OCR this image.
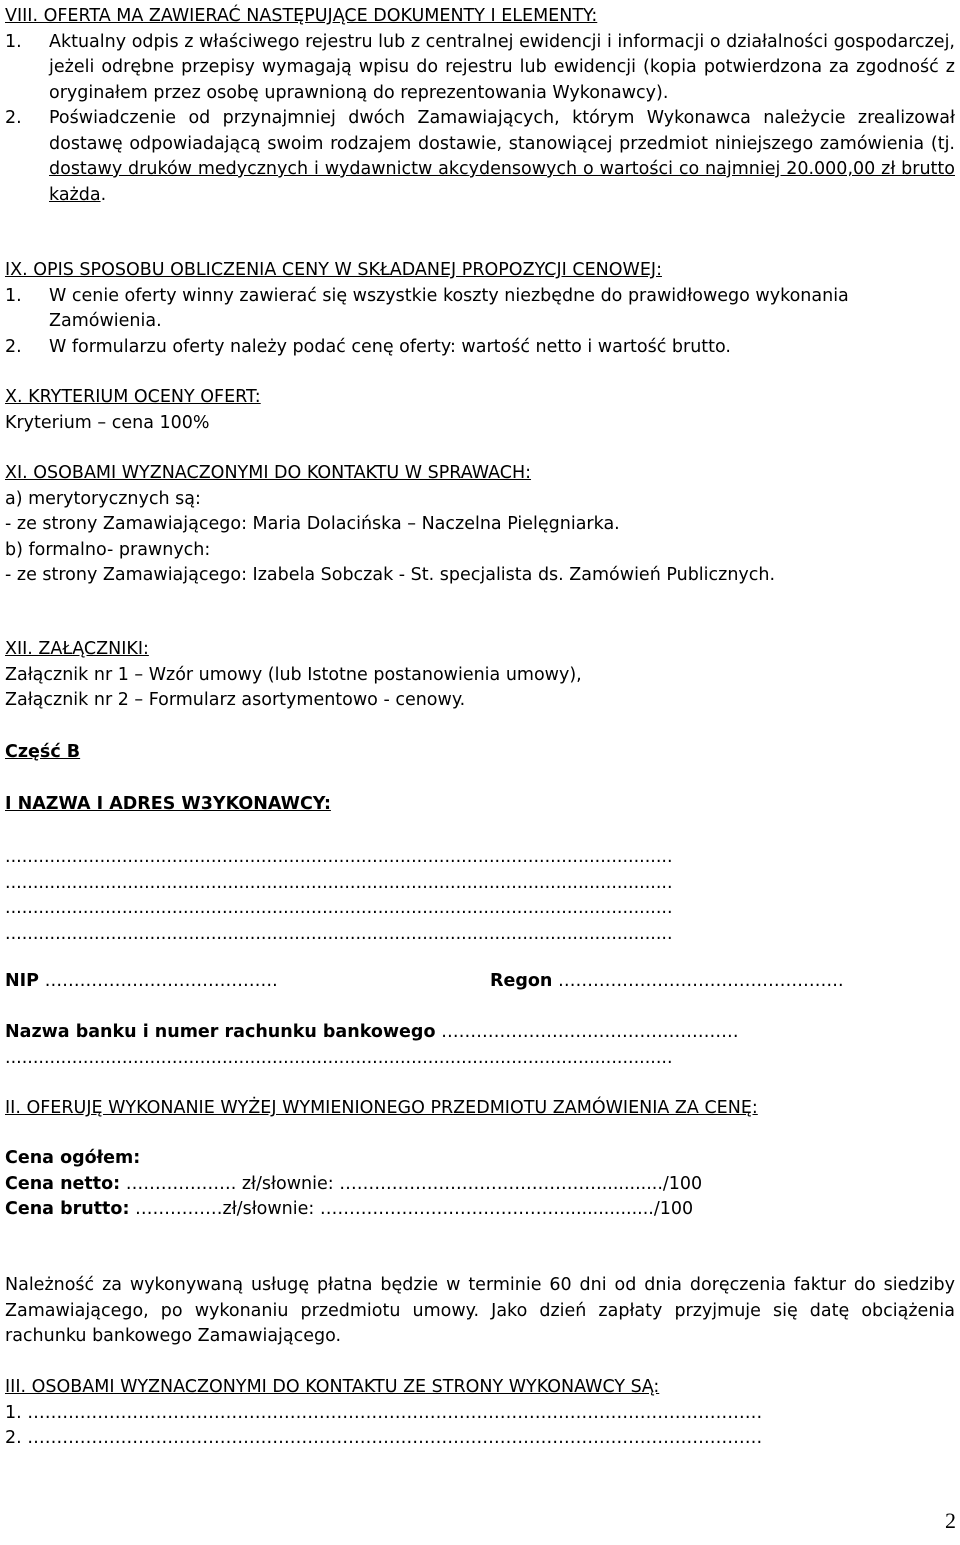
VIII. OFERTA MA ZAWIERAĆ NASTĘPUJĄCE DOKUMENTY I ELEMENTY:
1. Aktualny odpis z właściwego rejestru lub z centralnej ewidencji i informacji o działalności gospodarczej, jeżeli odrębne przepisy wymagają wpisu do rejestru lub ewidencji (kopia potwierdzona za zgodność z oryginałem przez osobę uprawnioną do reprezentowania Wykonawcy).
2. Poświadczenie od przynajmniej dwóch Zamawiających, którym Wykonawca należycie zrealizował dostawę odpowiadającą swoim rodzajem dostawie, stanowiącej przedmiot niniejszego zamówienia (tj. dostawy druków medycznych i wydawnictw akcydensowych o wartości co najmniej 20.000,00 zł brutto każda.
IX. OPIS SPOSOBU OBLICZENIA CENY W SKŁADANEJ PROPOZYCJI CENOWEJ:
1. W cenie oferty winny zawierać się wszystkie koszty niezbędne do prawidłowego wykonania Zamówienia.
2. W formularzu oferty należy podać cenę oferty: wartość netto i wartość brutto.
X. KRYTERIUM OCENY OFERT:
Kryterium – cena 100%
XI. OSOBAMI WYZNACZONYMI DO KONTAKTU W SPRAWACH:
a) merytorycznych są:
- ze strony Zamawiającego: Maria Dolacińska – Naczelna Pielęgniarka.
b) formalno- prawnych:
- ze strony Zamawiającego: Izabela Sobczak - St. specjalista ds. Zamówień Publicznych.
XII. ZAŁĄCZNIKI:
Załącznik nr 1 – Wzór umowy (lub Istotne postanowienia umowy),
Załącznik nr 2 – Formularz asortymentowo - cenowy.
Część B
I NAZWA I ADRES W3YKONAWCY:
........................................................................................................................
........................................................................................................................
........................................................................................................................
........................................................................................................................
NIP ………………………………….	Regon ………………………………………….
Nazwa banku i numer rachunku bankowego ……………………………………………
........................................................................................................................
II. OFERUJĘ WYKONANIE WYŻEJ WYMIENIONEGO PRZEDMIOTU ZAMÓWIENIA ZA CENĘ:
Cena ogółem:
Cena netto: ………………. zł/słownie: ……………………………………….........../100
Cena brutto: ……………zł/słownie: ……………………………………................/100
Należność za wykonywaną usługę płatna będzie w terminie 60 dni od dnia doręczenia faktur do siedziby Zamawiającego, po wykonaniu przedmiotu umowy. Jako dzień zapłaty przyjmuje się datę obciążenia rachunku bankowego Zamawiającego.
III. OSOBAMI WYZNACZONYMI DO KONTAKTU ZE STRONY WYKONAWCY SĄ:
1. ………………………………………………………………………………………………………………
2. ………………………………………………………………………………………………………………
2
